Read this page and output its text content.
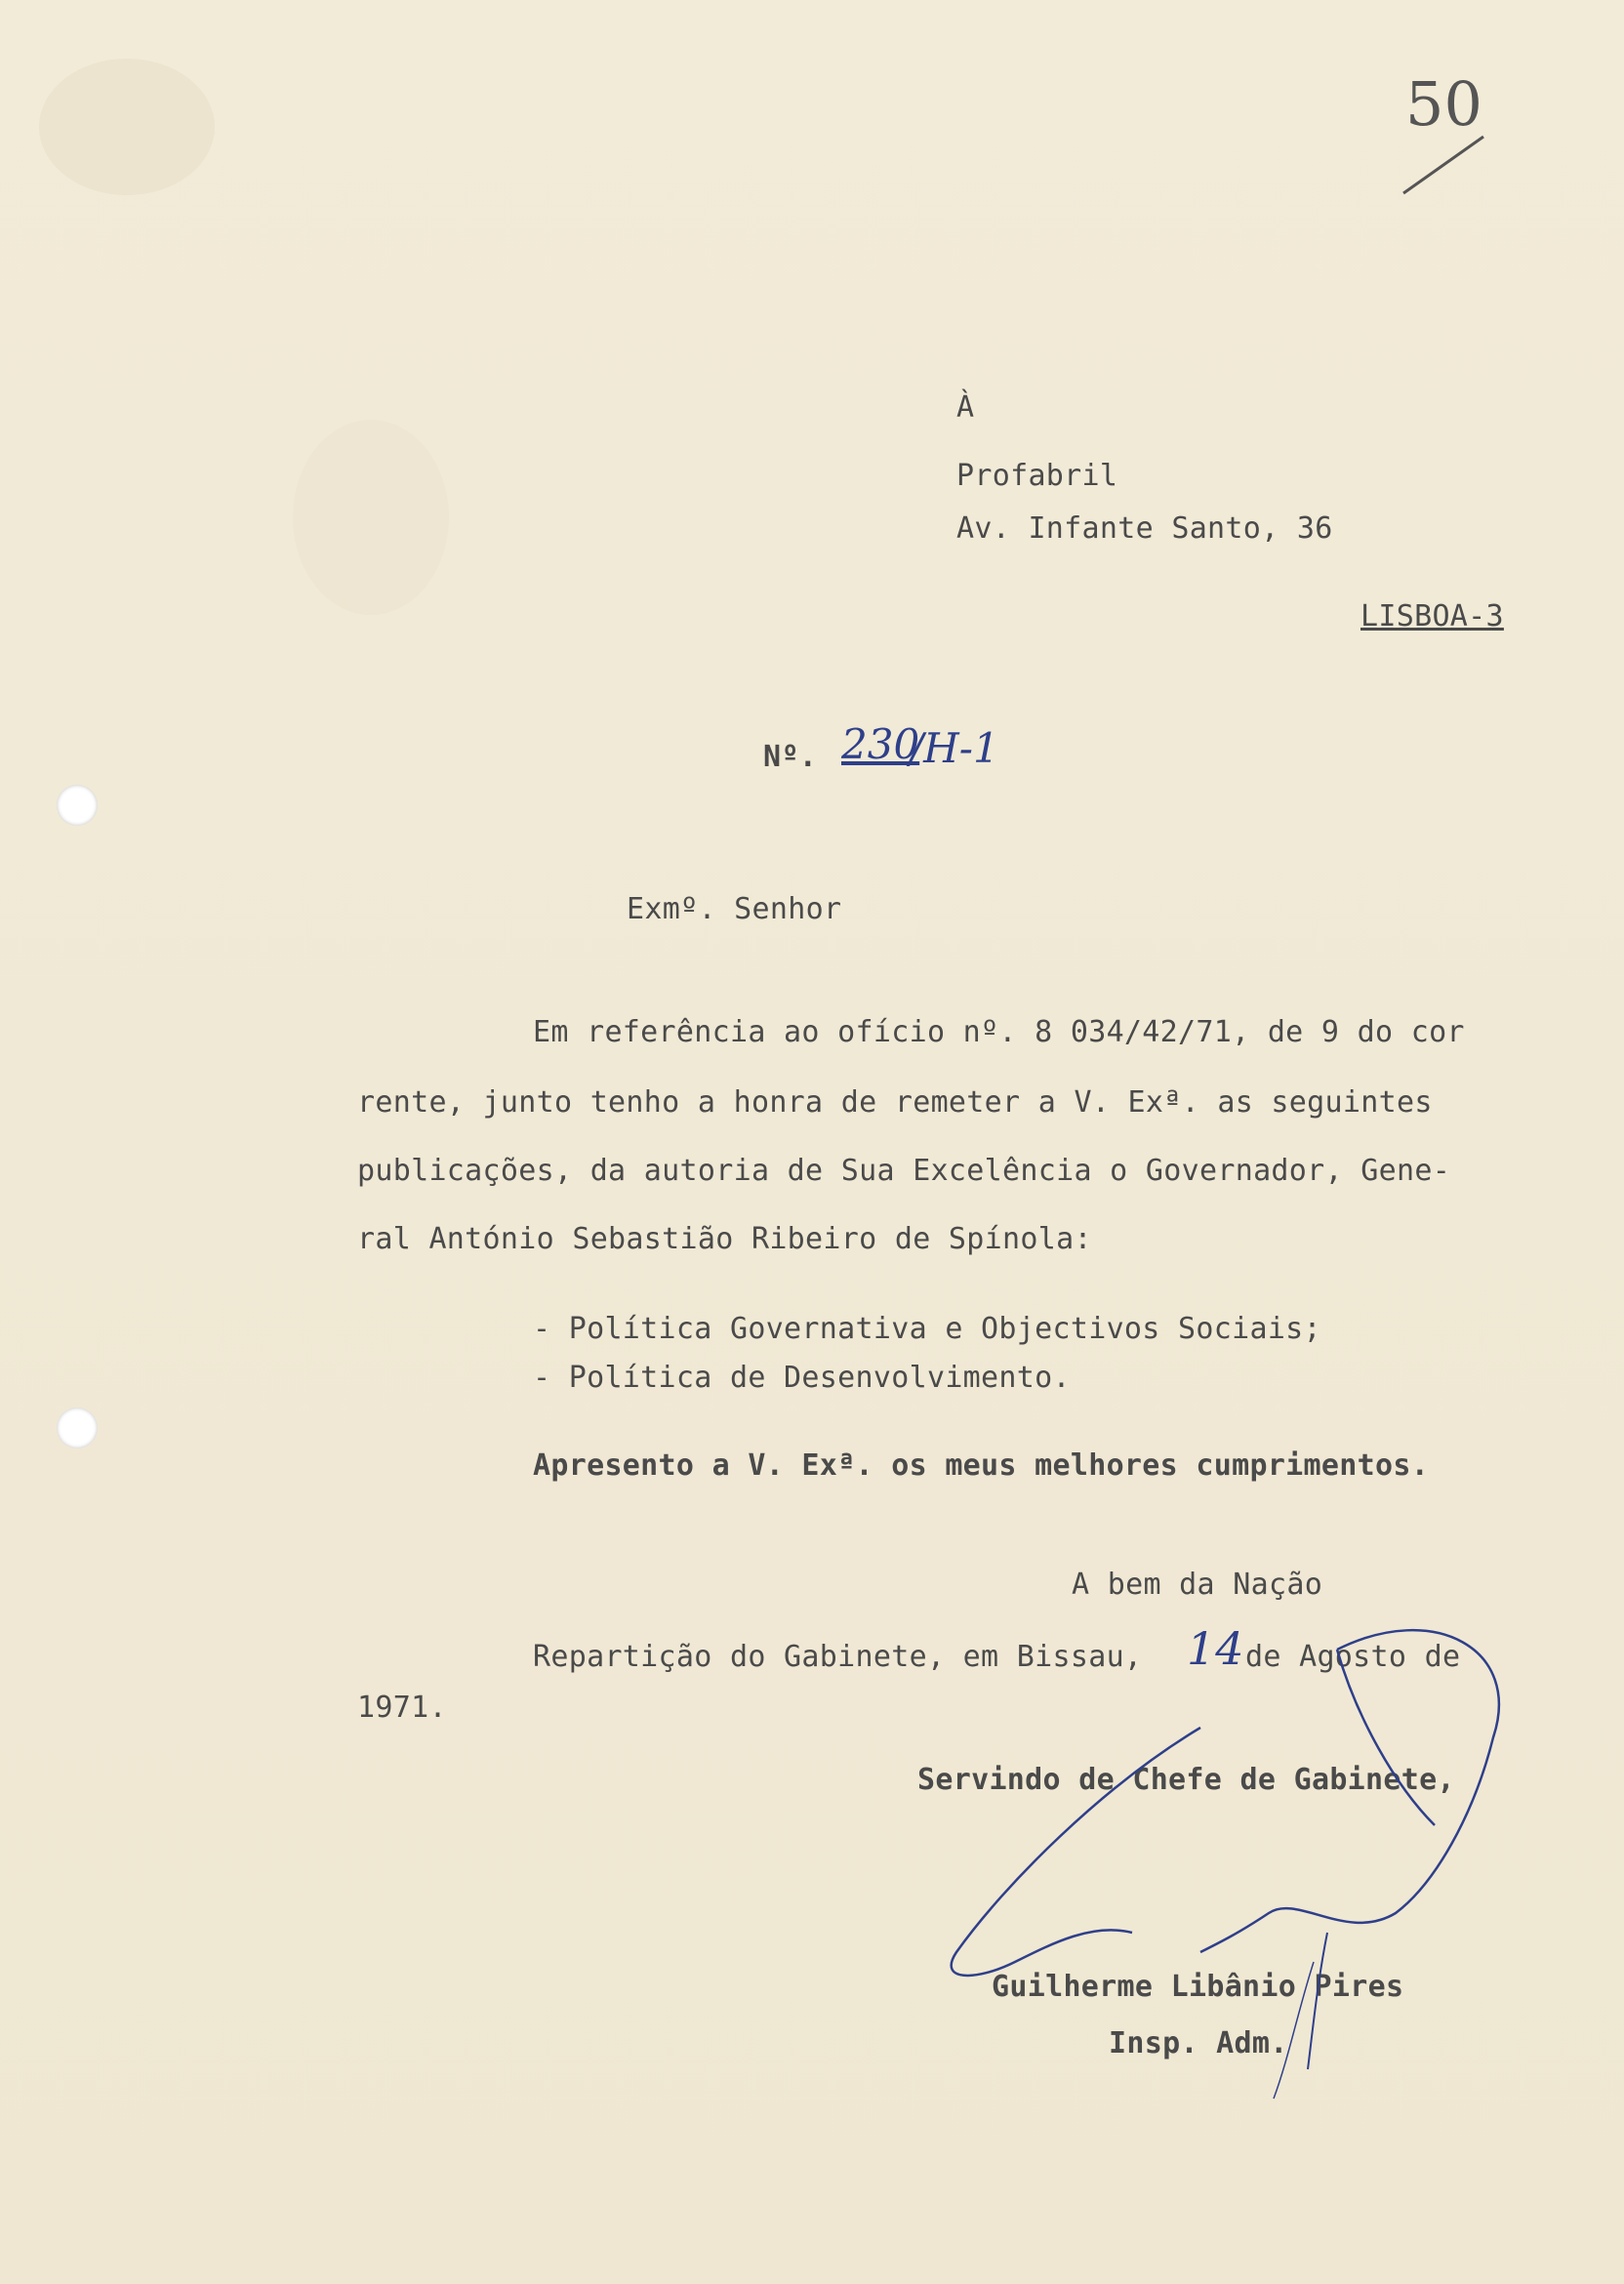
50
À
Profabril
Av. Infante Santo, 36
LISBOA-3
Nº. 230
/H-1
Exmº. Senhor
Em referência ao ofício nº. 8 034/42/71, de 9 do cor
rente, junto tenho a honra de remeter a V. Exª. as seguintes
publicações, da autoria de Sua Excelência o Governador, Gene-
ral António Sebastião Ribeiro de Spínola:
- Política Governativa e Objectivos Sociais;
- Política de Desenvolvimento.
Apresento a V. Exª. os meus melhores cumprimentos.
A bem da Nação
Repartição do Gabinete, em Bissau, 14 de Agosto de
1971.
Servindo de Chefe de Gabinete,
Guilherme Libânio Pires
Insp. Adm.
